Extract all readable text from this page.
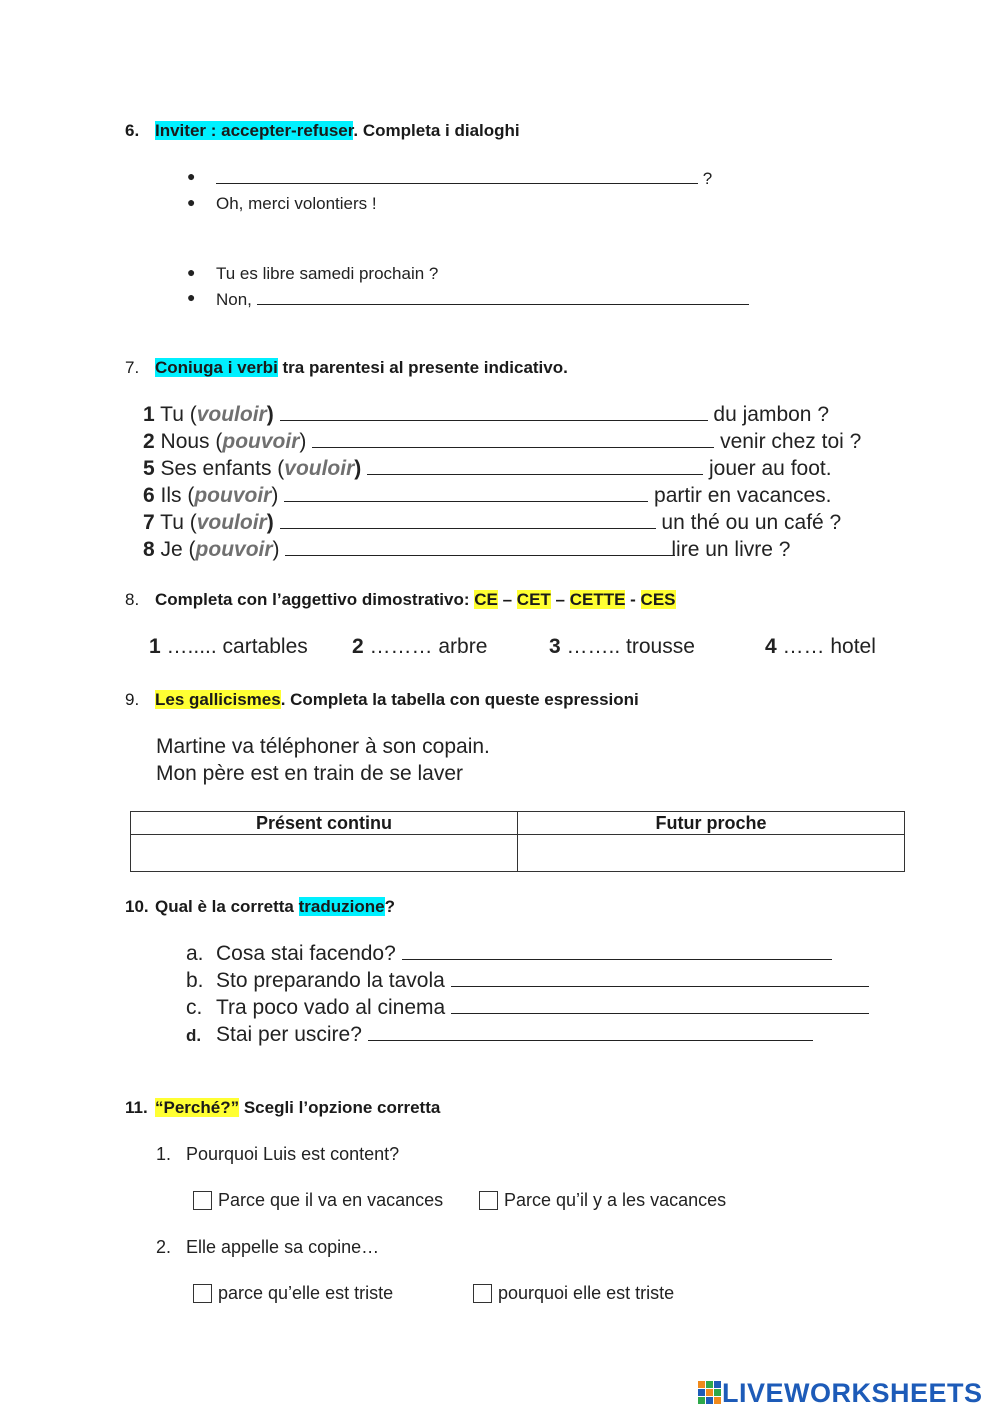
6. Inviter : accepter-refuser. Completa i dialoghi
●	?
● Oh, merci volontiers !
● Tu es libre samedi prochain ?
● Non,
7. Coniuga i verbi tra parentesi al presente indicativo.
1 Tu (vouloir)	du jambon ?
2 Nous (pouvoir)	venir chez toi ?
5 Ses enfants (vouloir)	jouer au foot.
6 Ils (pouvoir)	partir en vacances.
7 Tu (vouloir)	un thé ou un café ?
8 Je (pouvoir)	lire un livre ?
8. Completa con l’aggettivo dimostrativo: CE – CET – CETTE - CES
1 …..... cartables 2 ……… arbre	3 …….. trousse	4 …… hotel
9. Les gallicismes. Completa la tabella con queste espressioni
Martine va téléphoner à son copain.
Mon père est en train de se laver
Présent continu	Futur proche

10. Qual è la corretta traduzione?
a. Cosa stai facendo?
b. Sto preparando la tavola
c. Tra poco vado al cinema
d. Stai per uscire?
11. “Perché?” Scegli l’opzione corretta
1. Pourquoi Luis est content?
Parce que il va en vacances	Parce qu’il y a les vacances
2. Elle appelle sa copine…
parce qu’elle est triste	pourquoi elle est triste
LIVEWORKSHEETS
